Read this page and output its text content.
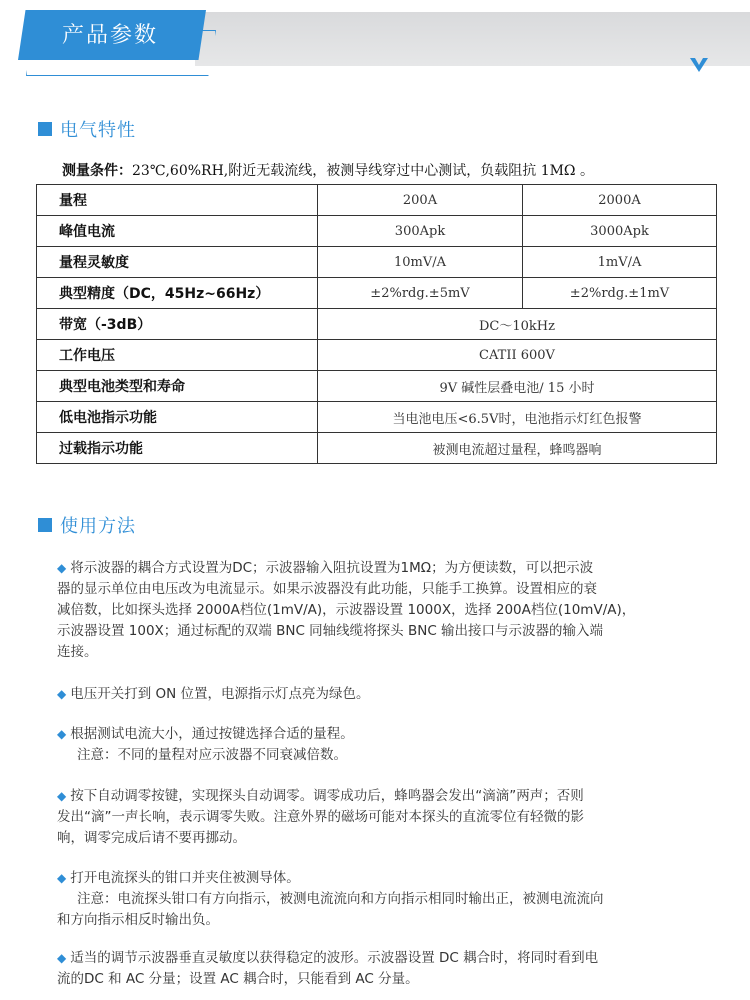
产品参数
电气特性
测量条件：23℃,60%RH,附近无载流线，被测导线穿过中心测试，负载阻抗 1MΩ 。
量程	200A	2000A
峰值电流	300Apk	3000Apk
量程灵敏度	10mV/A	1mV/A
典型精度（DC，45Hz~66Hz）	±2%rdg.±5mV	±2%rdg.±1mV
带宽（-3dB）	DC～10kHz	
工作电压	CATII 600V	
典型电池类型和寿命	9V 碱性层叠电池/ 15 小时	
低电池指示功能	当电池电压<6.5V时，电池指示灯红色报警	
过载指示功能	被测电流超过量程，蜂鸣器响	
使用方法
◆ 将示波器的耦合方式设置为DC；示波器输入阻抗设置为1MΩ；为方便读数，可以把示波
器的显示单位由电压改为电流显示。如果示波器没有此功能，只能手工换算。设置相应的衰
减倍数，比如探头选择 2000A档位(1mV/A)，示波器设置 1000X，选择 200A档位(10mV/A)，
示波器设置 100X；通过标配的双端 BNC 同轴线缆将探头 BNC 输出接口与示波器的输入端
连接。
◆ 电压开关打到 ON 位置，电源指示灯点亮为绿色。
◆ 根据测试电流大小，通过按键选择合适的量程。
注意：不同的量程对应示波器不同衰减倍数。
◆ 按下自动调零按键，实现探头自动调零。调零成功后，蜂鸣器会发出“滴滴”两声；否则
发出“滴”一声长响，表示调零失败。注意外界的磁场可能对本探头的直流零位有轻微的影
响，调零完成后请不要再挪动。
◆ 打开电流探头的钳口并夹住被测导体。
注意：电流探头钳口有方向指示，被测电流流向和方向指示相同时输出正，被测电流流向
和方向指示相反时输出负。
◆ 适当的调节示波器垂直灵敏度以获得稳定的波形。示波器设置 DC 耦合时，将同时看到电
流的DC 和 AC 分量；设置 AC 耦合时，只能看到 AC 分量。
